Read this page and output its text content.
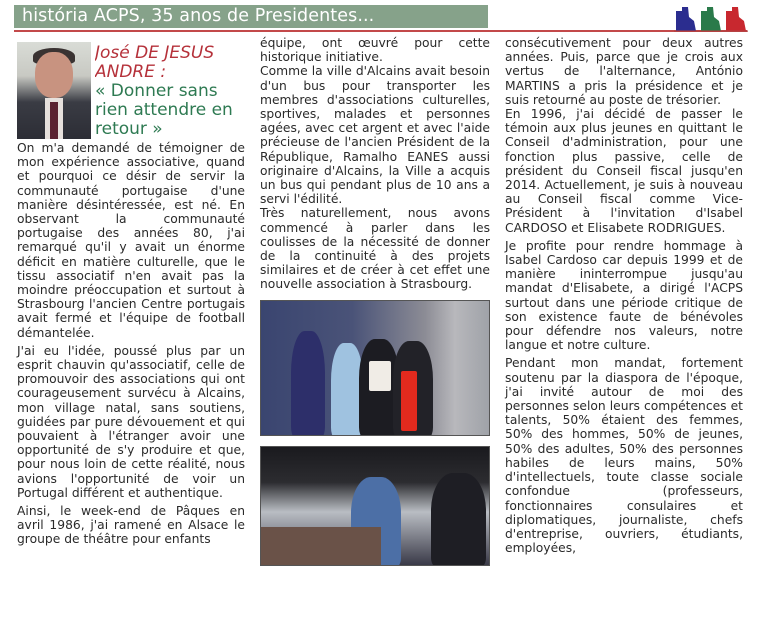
história ACPS, 35 anos de Presidentes...
José DE JESUS
ANDRE :
« Donner sans
rien attendre en
retour »

On m'a demandé de témoigner de mon expérience associative, quand et pourquoi ce désir de servir la communauté portugaise d'une manière désintéressée, est né. En observant la communauté portugaise des années 80, j'ai remarqué qu'il y avait un énorme déficit en matière culturelle, que le tissu associatif n'en avait pas la moindre préoccupation et surtout à Strasbourg l'ancien Centre portugais avait fermé et l'équipe de football démantelée.

J'ai eu l'idée, poussé plus par un esprit chauvin qu'associatif, celle de promouvoir des associations qui ont courageusement survécu à Alcains, mon village natal, sans soutiens, guidées par pure dévouement et qui pouvaient à l'étranger avoir une opportunité de s'y produire et que, pour nous loin de cette réalité, nous avions l'opportunité de voir un Portugal différent et authentique.

Ainsi, le week-end de Pâques en avril 1986, j'ai ramené en Alsace le groupe de théâtre pour enfants

équipe, ont œuvré pour cette historique initiative.

Comme la ville d'Alcains avait besoin d'un bus pour transporter les membres d'associations culturelles, sportives, malades et personnes agées, avec cet argent et avec l'aide précieuse de l'ancien Président de la République, Ramalho EANES aussi originaire d'Alcains, la Ville a acquis un bus qui pendant plus de 10 ans a servi l'édilité.

Très naturellement, nous avons commencé à parler dans les coulisses de la nécessité de donner de la continuité à des projets similaires et de créer à cet effet une nouvelle association à Strasbourg.

consécutivement pour deux autres années. Puis, parce que je crois aux vertus de l'alternance, António MARTINS a pris la présidence et je suis retourné au poste de trésorier.

En 1996, j'ai décidé de passer le témoin aux plus jeunes en quittant le Conseil d'administration, pour une fonction plus passive, celle de président du Conseil fiscal jusqu'en 2014. Actuellement, je suis à nouveau au Conseil fiscal comme Vice-Président à l'invitation d'Isabel CARDOSO et Elisabete RODRIGUES.

Je profite pour rendre hommage à Isabel Cardoso car depuis 1999 et de manière ininterrompue jusqu'au mandat d'Elisabete, a dirigé l'ACPS surtout dans une période critique de son existence faute de bénévoles pour défendre nos valeurs, notre langue et notre culture.

Pendant mon mandat, fortement soutenu par la diaspora de l'époque, j'ai invité autour de moi des personnes selon leurs compétences et talents, 50% étaient des femmes, 50% des hommes, 50% de jeunes, 50% des adultes, 50% des personnes habiles de leurs mains, 50% d'intellectuels, toute classe sociale confondue (professeurs, fonctionnaires consulaires et diplomatiques, journaliste, chefs d'entreprise, ouvriers, étudiants, employées,
